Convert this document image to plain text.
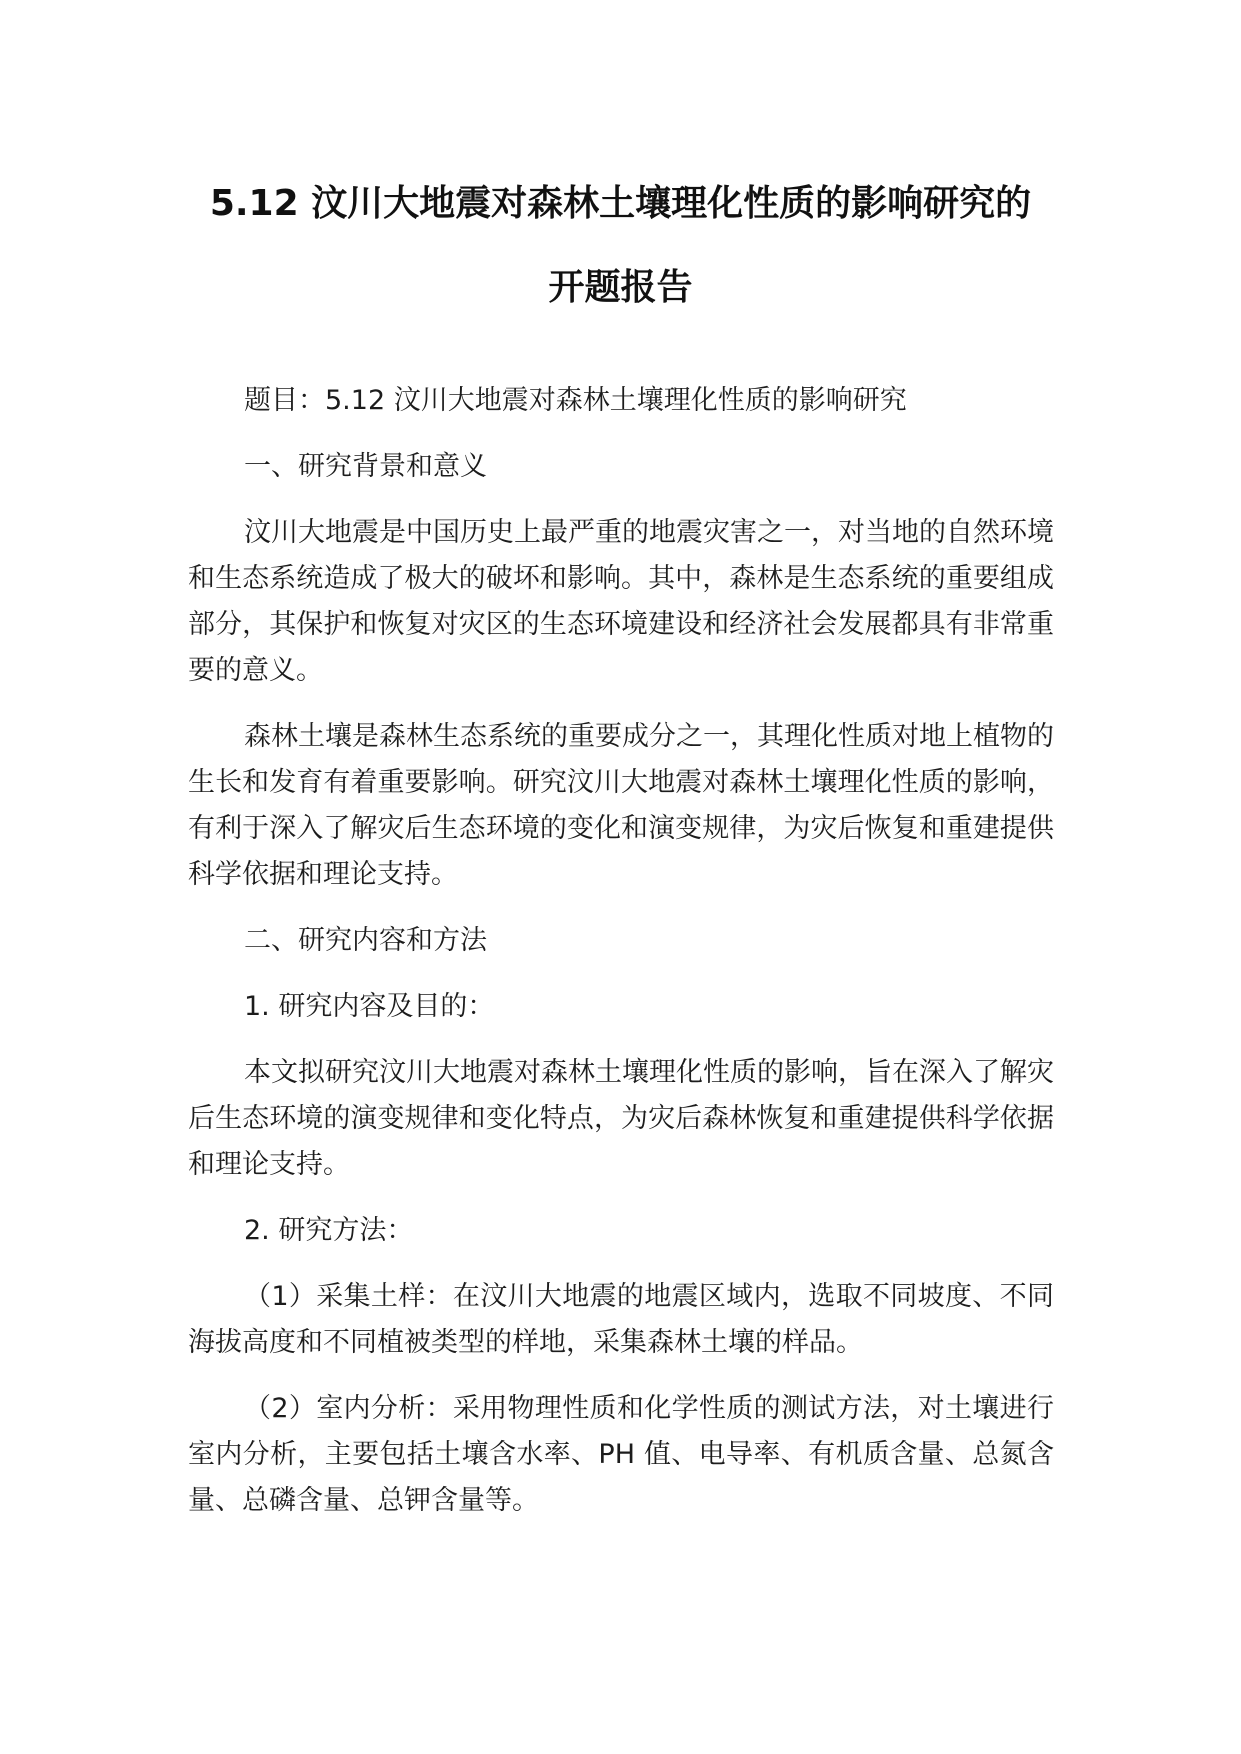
5.12 汶川大地震对森林土壤理化性质的影响研究的
开题报告

题目：5.12 汶川大地震对森林土壤理化性质的影响研究

一、研究背景和意义

汶川大地震是中国历史上最严重的地震灾害之一，对当地的自然环境和生态系统造成了极大的破坏和影响。其中，森林是生态系统的重要组成部分，其保护和恢复对灾区的生态环境建设和经济社会发展都具有非常重要的意义。

森林土壤是森林生态系统的重要成分之一，其理化性质对地上植物的生长和发育有着重要影响。研究汶川大地震对森林土壤理化性质的影响，有利于深入了解灾后生态环境的变化和演变规律，为灾后恢复和重建提供科学依据和理论支持。

二、研究内容和方法

1. 研究内容及目的：

本文拟研究汶川大地震对森林土壤理化性质的影响，旨在深入了解灾后生态环境的演变规律和变化特点，为灾后森林恢复和重建提供科学依据和理论支持。

2. 研究方法：

（1）采集土样：在汶川大地震的地震区域内，选取不同坡度、不同海拔高度和不同植被类型的样地，采集森林土壤的样品。

（2）室内分析：采用物理性质和化学性质的测试方法，对土壤进行室内分析，主要包括土壤含水率、PH 值、电导率、有机质含量、总氮含量、总磷含量、总钾含量等。
